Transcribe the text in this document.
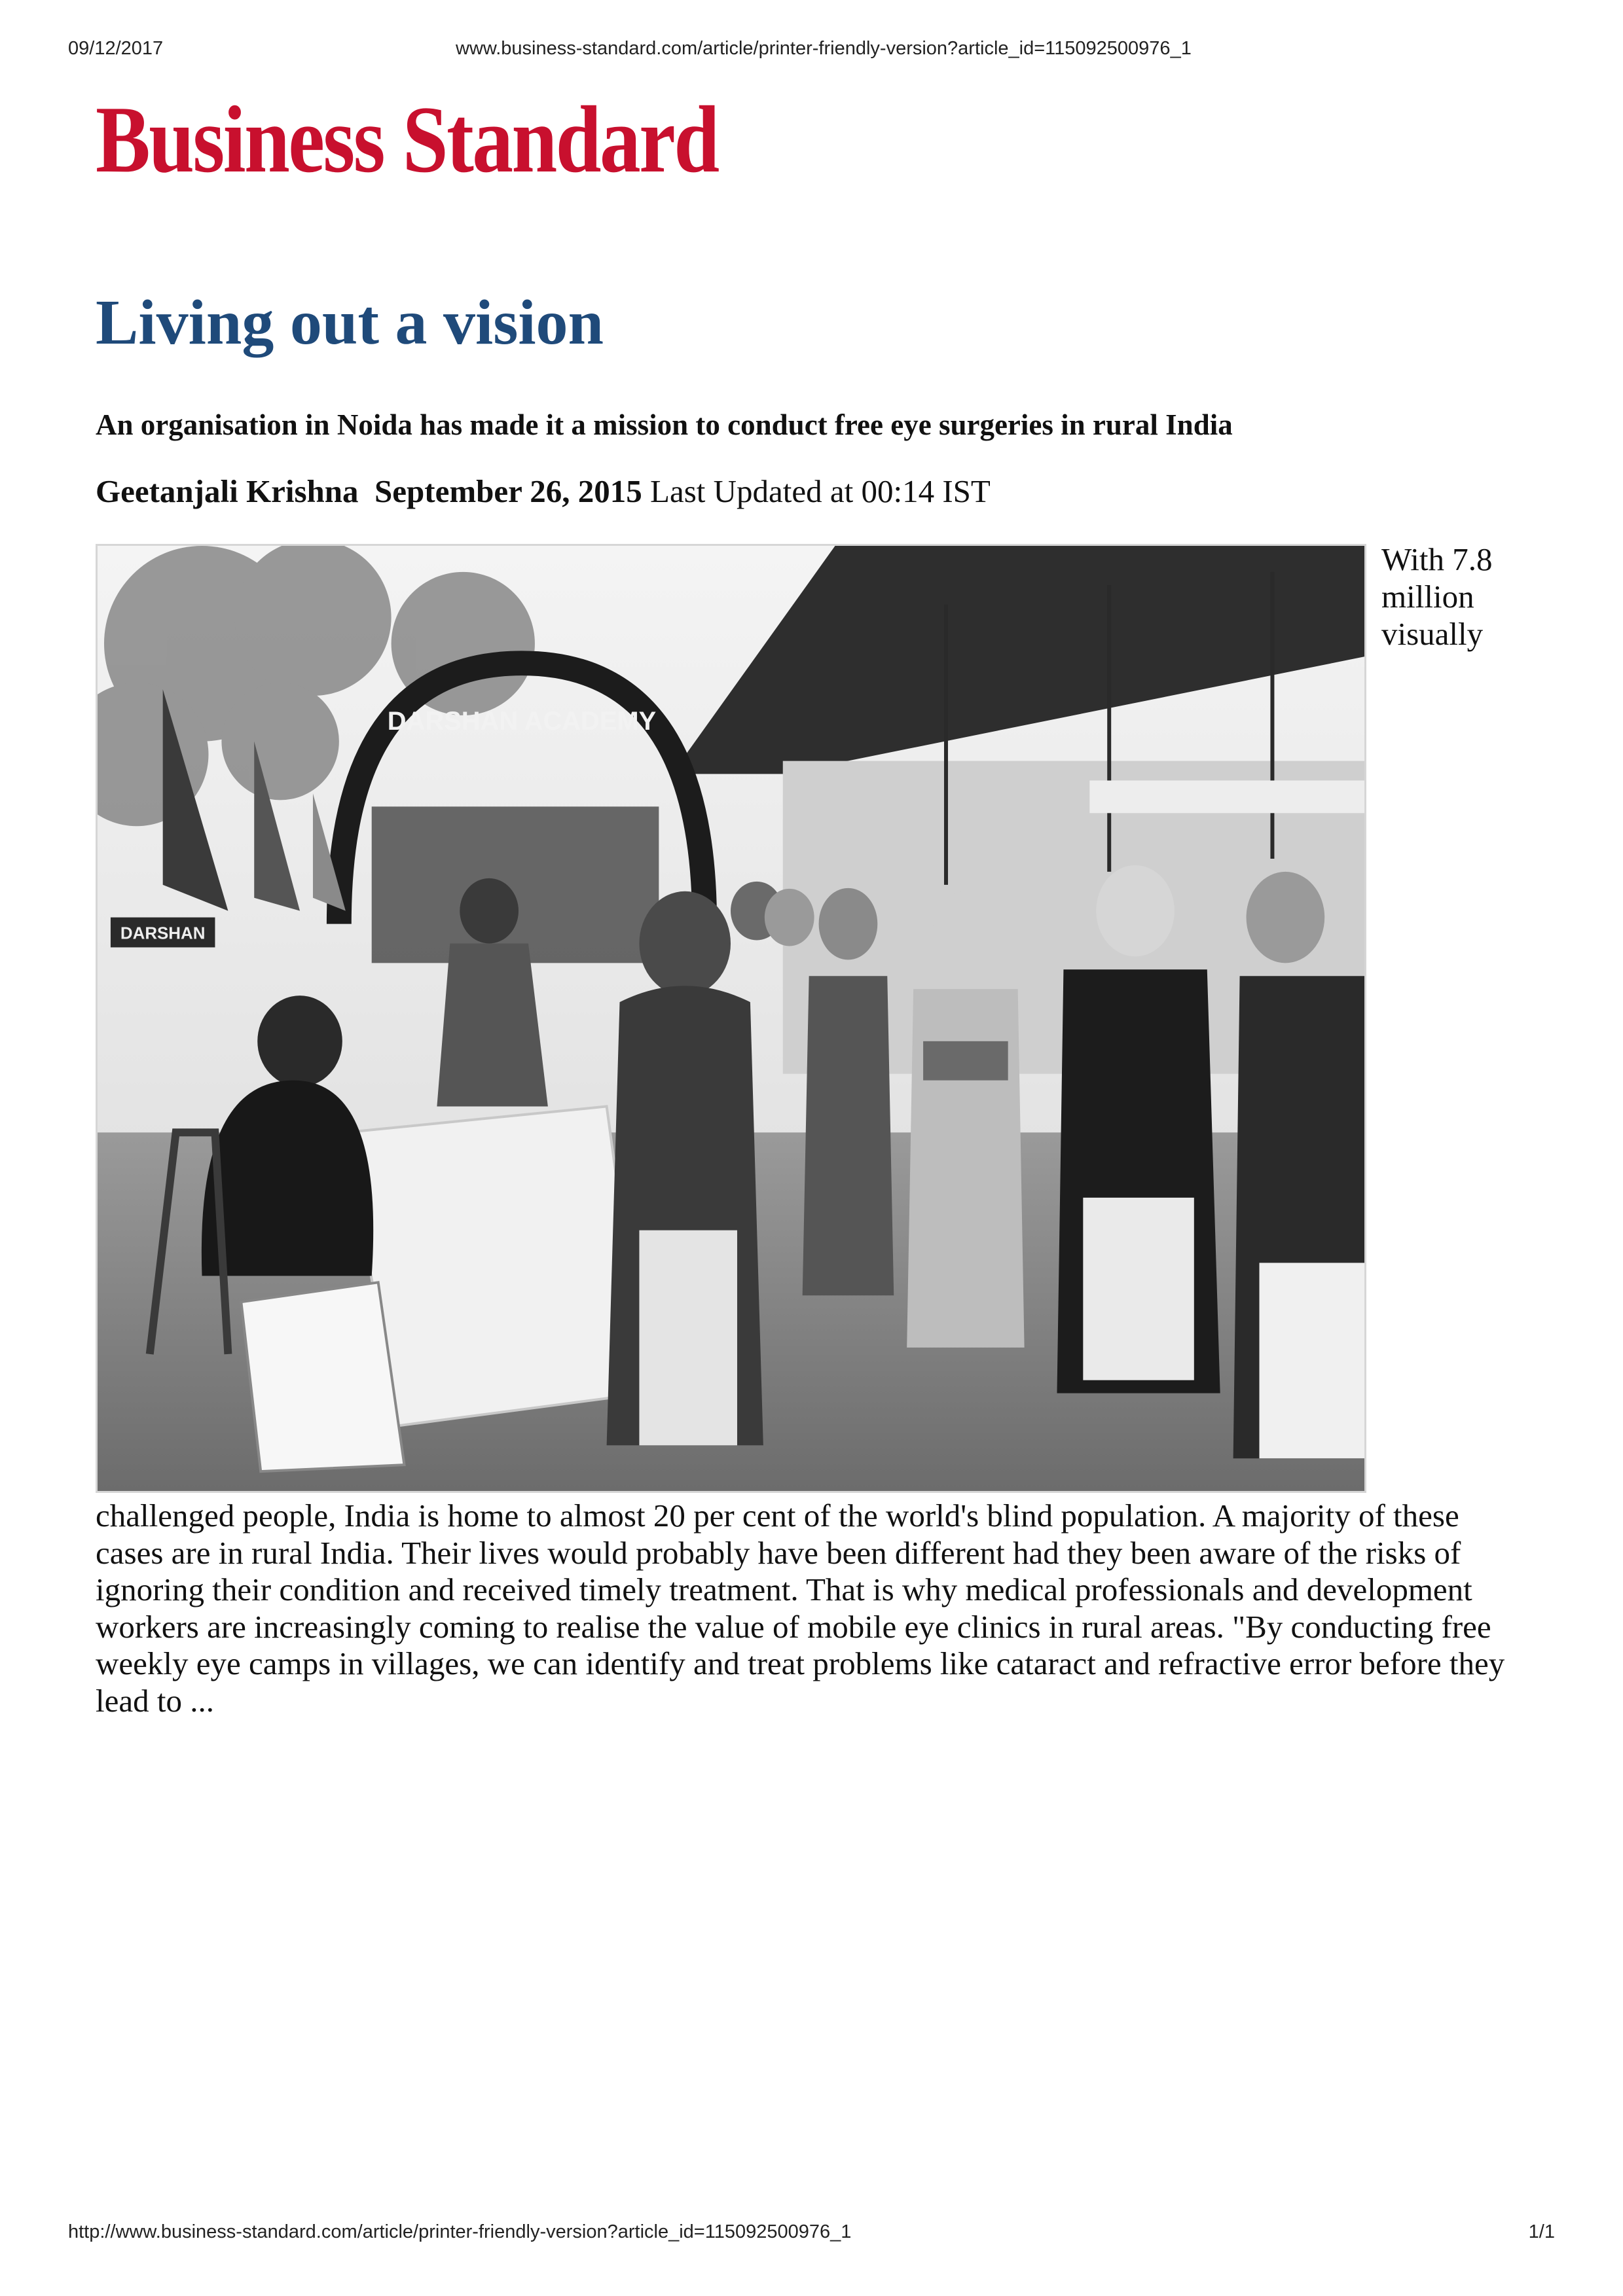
09/12/2017	www.business-standard.com/article/printer-friendly-version?article_id=115092500976_1
Business Standard
Living out a vision
An organisation in Noida has made it a mission to conduct free eye surgeries in rural India
Geetanjali Krishna September 26, 2015 Last Updated at 00:14 IST
DARSHAN ACADEMY
DARSHAN
With 7.8 million visually
challenged people, India is home to almost 20 per cent of the world's blind population. A majority of these cases are in rural India. Their lives would probably have been different had they been aware of the risks of ignoring their condition and received timely treatment. That is why medical professionals and development workers are increasingly coming to realise the value of mobile eye clinics in rural areas. "By conducting free weekly eye camps in villages, we can identify and treat problems like cataract and refractive error before they lead to ...
http://www.business-standard.com/article/printer-friendly-version?article_id=115092500976_1	1/1
